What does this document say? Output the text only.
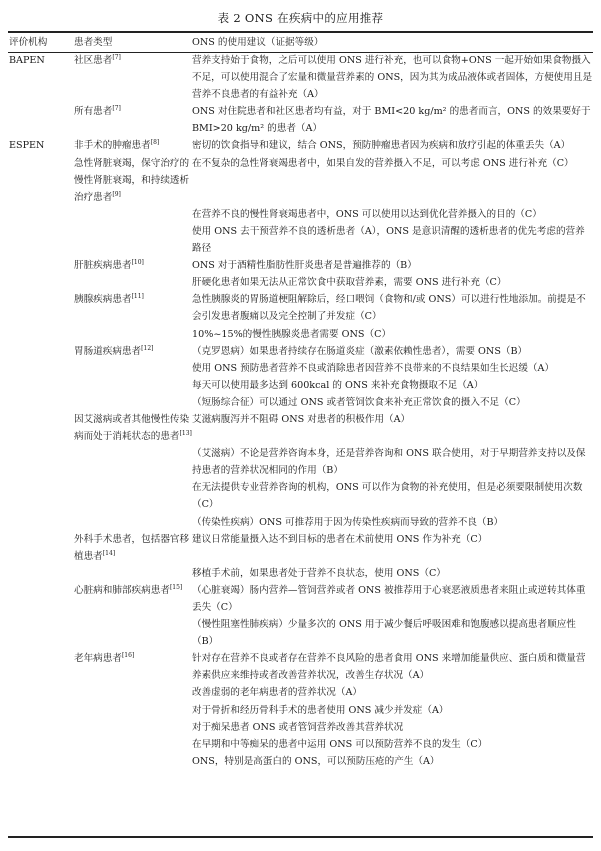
表 2 ONS 在疾病中的应用推荐
评价机构	患者类型	ONS 的使用建议（证据等级）
BAPEN	社区患者[7]	营养支持始于食物，之后可以使用 ONS 进行补充，也可以食物+ONS 一起开始如果食物摄入不足，可以使用混合了宏量和微量营养素的 ONS，因为其为成品液体或者固体，方便使用且是营养不良患者的有益补充（A）
	所有患者[7]	ONS 对住院患者和社区患者均有益，对于 BMI<20 kg/m² 的患者而言，ONS 的效果要好于 BMI>20 kg/m² 的患者（A）
ESPEN	非手术的肿瘤患者[8]	密切的饮食指导和建议，结合 ONS，预防肿瘤患者因为疾病和放疗引起的体重丢失（A）
	急性肾脏衰竭，保守治疗的慢性肾脏衰竭，和持续透析治疗患者[9]	在不复杂的急性肾衰竭患者中，如果自发的营养摄入不足，可以考虑 ONS 进行补充（C）
		在营养不良的慢性肾衰竭患者中，ONS 可以使用以达到优化营养摄入的目的（C）
		使用 ONS 去干预营养不良的透析患者（A），ONS 是意识清醒的透析患者的优先考虑的营养路径
	肝脏疾病患者[10]	ONS 对于酒精性脂肪性肝炎患者是普遍推荐的（B）
		肝硬化患者如果无法从正常饮食中获取营养素，需要 ONS 进行补充（C）
	胰腺疾病患者[11]	急性胰腺炎的胃肠道梗阻解除后，经口喂饲（食物和/或 ONS）可以进行性地添加。前提是不会引发患者腹痛以及完全控制了并发症（C）
		10%~15%的慢性胰腺炎患者需要 ONS（C）
	胃肠道疾病患者[12]	（克罗恩病）如果患者持续存在肠道炎症（激素依赖性患者），需要 ONS（B）
		使用 ONS 预防患者营养不良或消除患者因营养不良带来的不良结果如生长迟缓（A）
		每天可以使用最多达到 600kcal 的 ONS 来补充食物摄取不足（A）
		（短肠综合征）可以通过 ONS 或者管饲饮食来补充正常饮食的摄入不足（C）
	因艾滋病或者其他慢性传染病而处于消耗状态的患者[13]	艾滋病腹泻并不阻碍 ONS 对患者的积极作用（A）
		（艾滋病）不论是营养咨询本身，还是营养咨询和 ONS 联合使用，对于早期营养支持以及保持患者的营养状况相同的作用（B）
		在无法提供专业营养咨询的机构，ONS 可以作为食物的补充使用，但是必须要限制使用次数（C）
		（传染性疾病）ONS 可推荐用于因为传染性疾病而导致的营养不良（B）
	外科手术患者，包括器官移植患者[14]	建议日常能量摄入达不到目标的患者在术前使用 ONS 作为补充（C）
		移植手术前，如果患者处于营养不良状态，使用 ONS（C）
	心脏病和肺部疾病患者[15]	（心脏衰竭）肠内营养—管饲营养或者 ONS 被推荐用于心衰恶液质患者来阻止或逆转其体重丢失（C）
		（慢性阻塞性肺疾病）少量多次的 ONS 用于减少餐后呼吸困难和饱腹感以提高患者顺应性（B）
	老年病患者[16]	针对存在营养不良或者存在营养不良风险的患者食用 ONS 来增加能量供应、蛋白质和微量营养素供应来维持或者改善营养状况，改善生存状况（A）
		改善虚弱的老年病患者的营养状况（A）
		对于骨折和经历骨科手术的患者使用 ONS 减少并发症（A）
		对于痴呆患者 ONS 或者管饲营养改善其营养状况
		在早期和中等痴呆的患者中运用 ONS 可以预防营养不良的发生（C）
		ONS，特别是高蛋白的 ONS，可以预防压疮的产生（A）
